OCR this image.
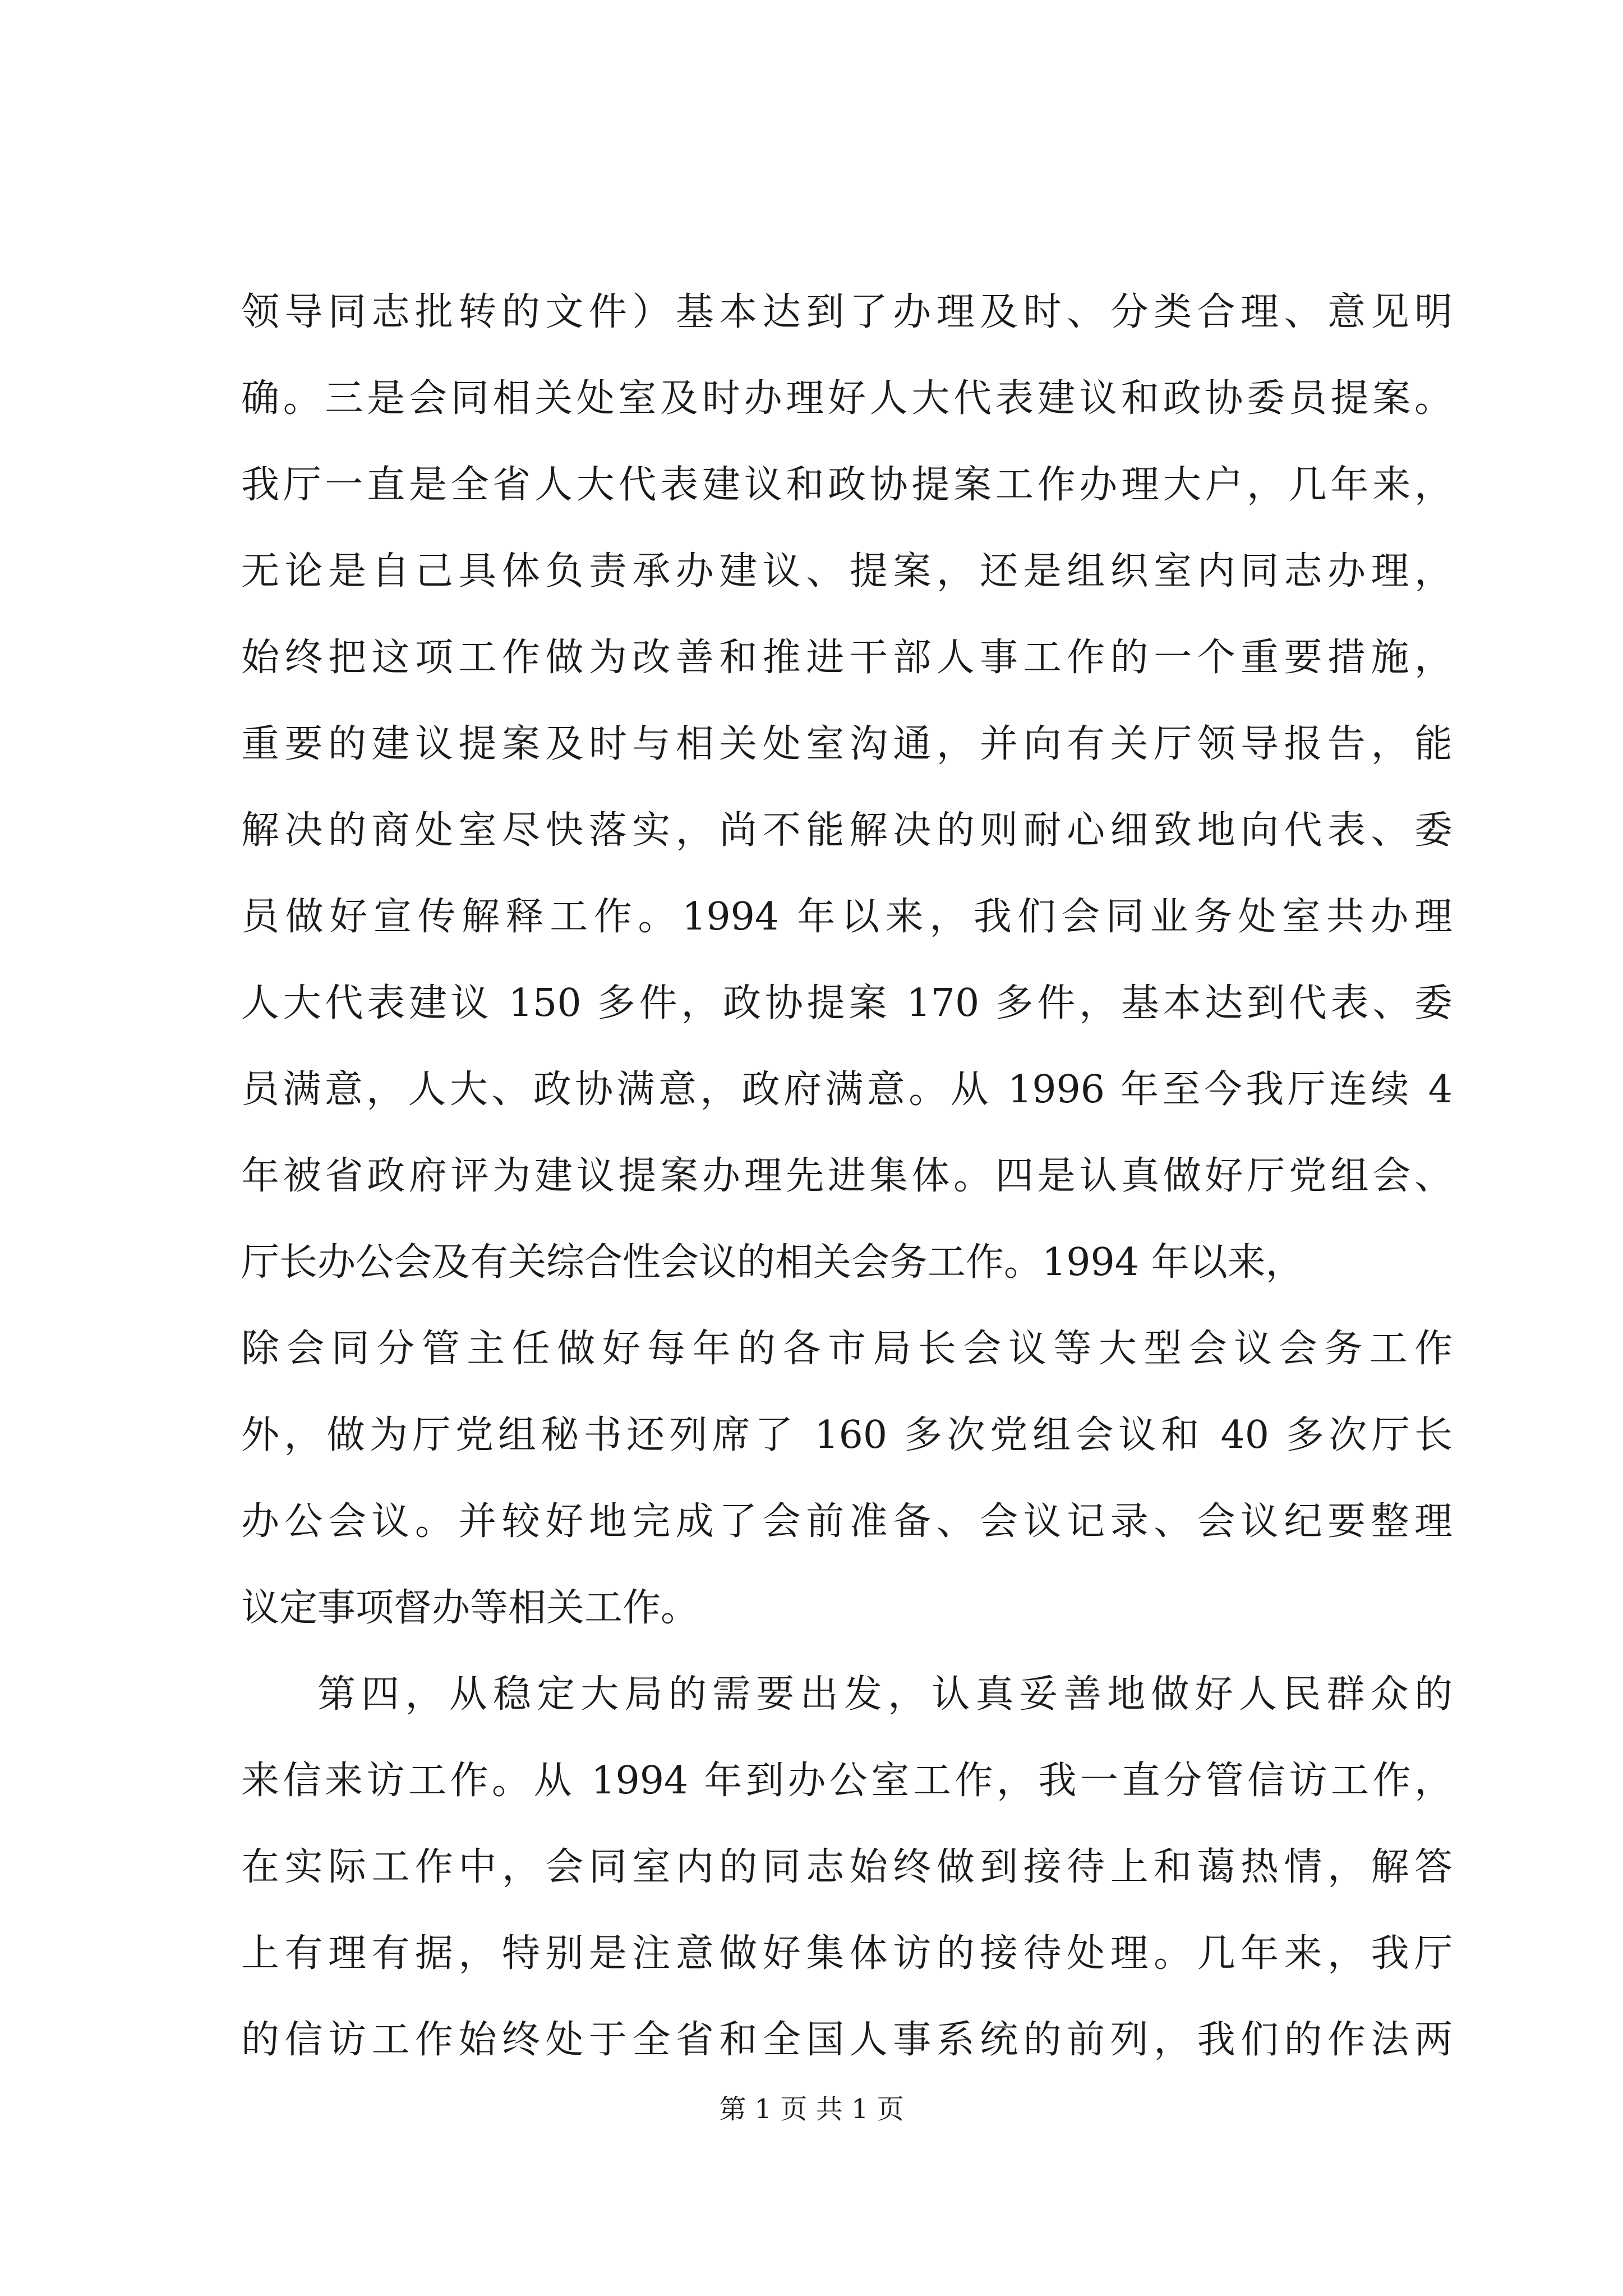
领导同志批转的文件）基本达到了办理及时、分类合理、意见明
确。三是会同相关处室及时办理好人大代表建议和政协委员提案。
我厅一直是全省人大代表建议和政协提案工作办理大户，几年来，
无论是自己具体负责承办建议、提案，还是组织室内同志办理，
始终把这项工作做为改善和推进干部人事工作的一个重要措施，
重要的建议提案及时与相关处室沟通，并向有关厅领导报告，能
解决的商处室尽快落实，尚不能解决的则耐心细致地向代表、委
员做好宣传解释工作。1994 年以来，我们会同业务处室共办理
人大代表建议 150 多件，政协提案 170 多件，基本达到代表、委
员满意，人大、政协满意，政府满意。从 1996 年至今我厅连续 4
年被省政府评为建议提案办理先进集体。四是认真做好厅党组会、
厅长办公会及有关综合性会议的相关会务工作。1994 年以来，
除会同分管主任做好每年的各市局长会议等大型会议会务工作
外，做为厅党组秘书还列席了 160 多次党组会议和 40 多次厅长
办公会议。并较好地完成了会前准备、会议记录、会议纪要整理
议定事项督办等相关工作。
第四，从稳定大局的需要出发，认真妥善地做好人民群众的
来信来访工作。从 1994 年到办公室工作，我一直分管信访工作，
在实际工作中，会同室内的同志始终做到接待上和蔼热情，解答
上有理有据，特别是注意做好集体访的接待处理。几年来，我厅
的信访工作始终处于全省和全国人事系统的前列，我们的作法两
第 1 页 共 1 页
